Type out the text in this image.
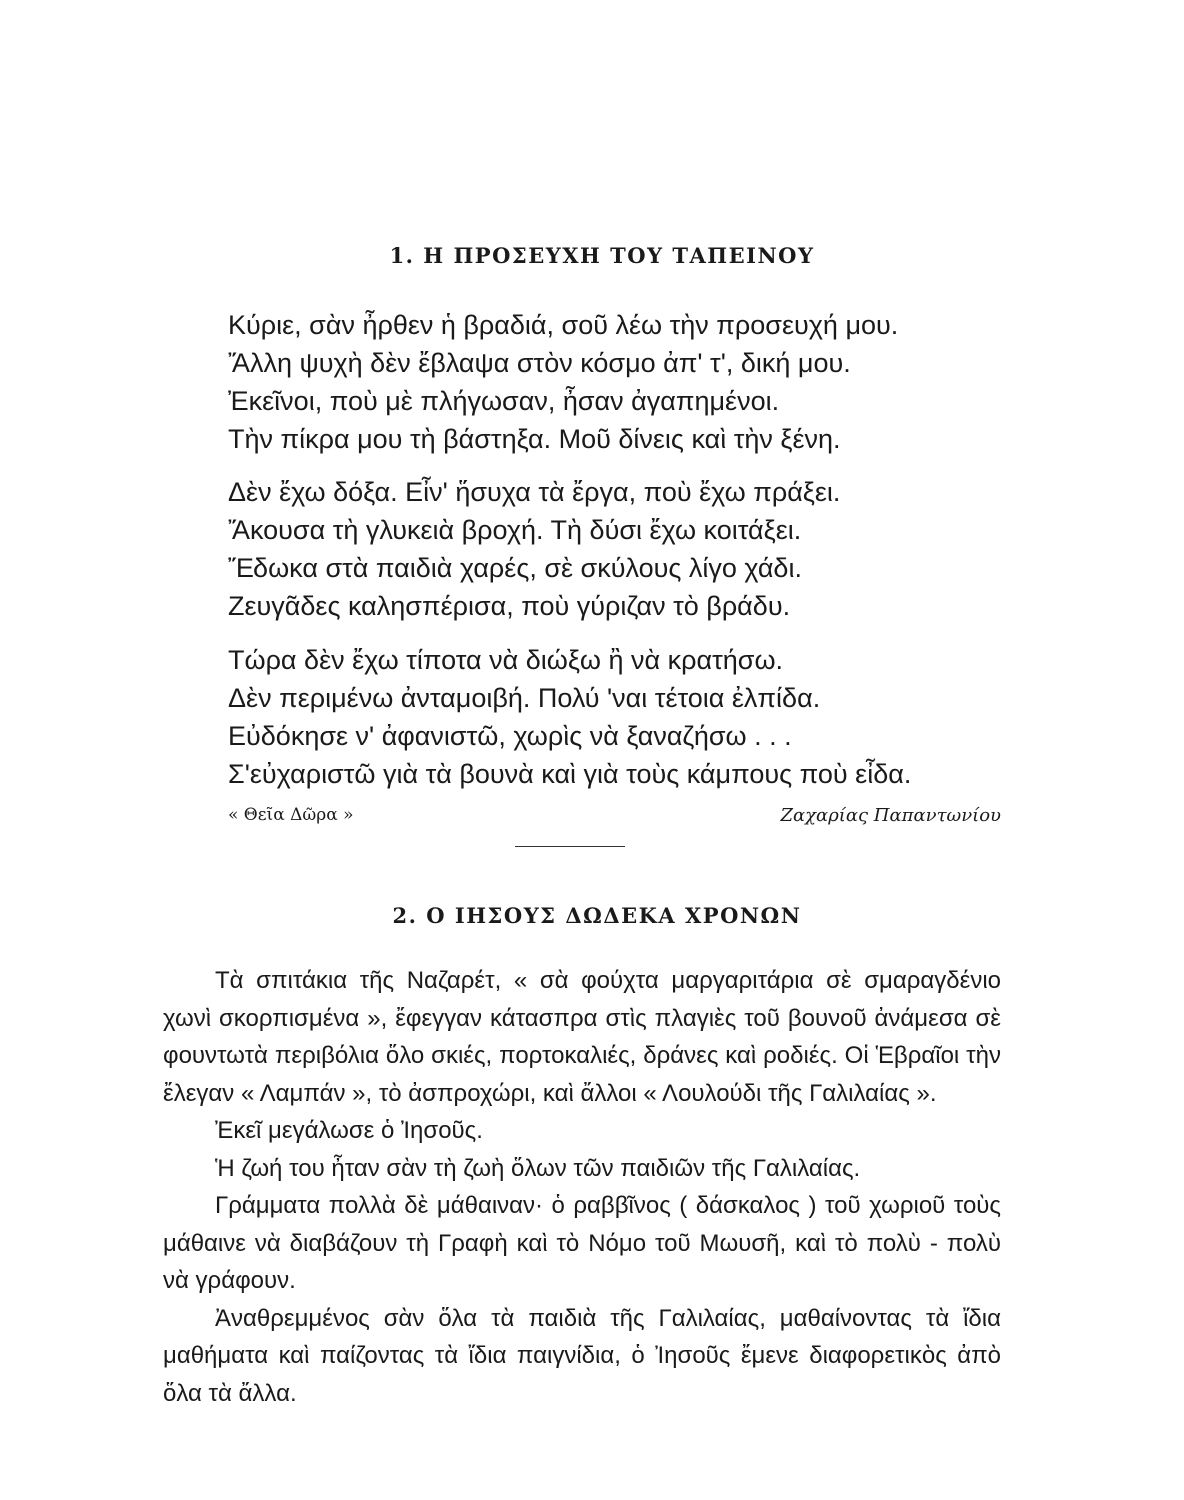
1. Η ΠΡΟΣΕΥΧΗ ΤΟΥ ΤΑΠΕΙΝΟΥ
Κύριε, σὰν ἦρθεν ἡ βραδιά, σοῦ λέω τὴν προσευχή μου.
Ἄλλη ψυχὴ δὲν ἔβλαψα στὸν κόσμο ἀπ' τ', δική μου.
Ἐκεῖνοι, ποὺ μὲ πλήγωσαν, ἦσαν ἀγαπημένοι.
Τὴν πίκρα μου τὴ βάστηξα. Μοῦ δίνεις καὶ τὴν ξένη.
Δὲν ἔχω δόξα. Εἶν' ἥσυχα τὰ ἔργα, ποὺ ἔχω πράξει.
Ἄκουσα τὴ γλυκειὰ βροχή. Τὴ δύσι ἔχω κοιτάξει.
Ἔδωκα στὰ παιδιὰ χαρές, σὲ σκύλους λίγο χάδι.
Ζευγᾶδες καλησπέρισα, ποὺ γύριζαν τὸ βράδυ.
Τώρα δὲν ἔχω τίποτα νὰ διώξω ἢ νὰ κρατήσω.
Δὲν περιμένω ἀνταμοιβή. Πολύ 'ναι τέτοια ἐλπίδα.
Εὐδόκησε ν' ἀφανιστῶ, χωρὶς νὰ ξαναζήσω . . .
Σ'εὐχαριστῶ γιὰ τὰ βουνὰ καὶ γιὰ τοὺς κάμπους ποὺ εἶδα.
« Θεῖα Δῶρα »	Ζαχαρίας Παπαντωνίου
2. Ο ΙΗΣΟΥΣ ΔΩΔΕΚΑ ΧΡΟΝΩΝ

Τὰ σπιτάκια τῆς Ναζαρέτ, « σὰ φούχτα μαργαριτάρια σὲ σμαραγδένιο χωνὶ σκορπισμένα », ἔφεγγαν κάτασπρα στὶς πλαγιὲς τοῦ βουνοῦ ἀνάμεσα σὲ φουντωτὰ περιβόλια ὅλο σκιές, πορτοκαλιές, δράνες καὶ ροδιές. Οἱ Ἑβραῖοι τὴν ἔλεγαν « Λαμπάν », τὸ ἀσπροχώρι, καὶ ἄλλοι « Λουλούδι τῆς Γαλιλαίας ».

Ἐκεῖ μεγάλωσε ὁ Ἰησοῦς.

Ἡ ζωή του ἦταν σὰν τὴ ζωὴ ὅλων τῶν παιδιῶν τῆς Γαλιλαίας.

Γράμματα πολλὰ δὲ μάθαιναν· ὁ ραββῖνος ( δάσκαλος ) τοῦ χωριοῦ τοὺς μάθαινε νὰ διαβάζουν τὴ Γραφὴ καὶ τὸ Νόμο τοῦ Μωυσῆ, καὶ τὸ πολὺ - πολὺ νὰ γράφουν.

Ἀναθρεμμένος σὰν ὅλα τὰ παιδιὰ τῆς Γαλιλαίας, μαθαίνοντας τὰ ἴδια μαθήματα καὶ παίζοντας τὰ ἴδια παιγνίδια, ὁ Ἰησοῦς ἔμενε διαφορετικὸς ἀπὸ ὅλα τὰ ἄλλα.
